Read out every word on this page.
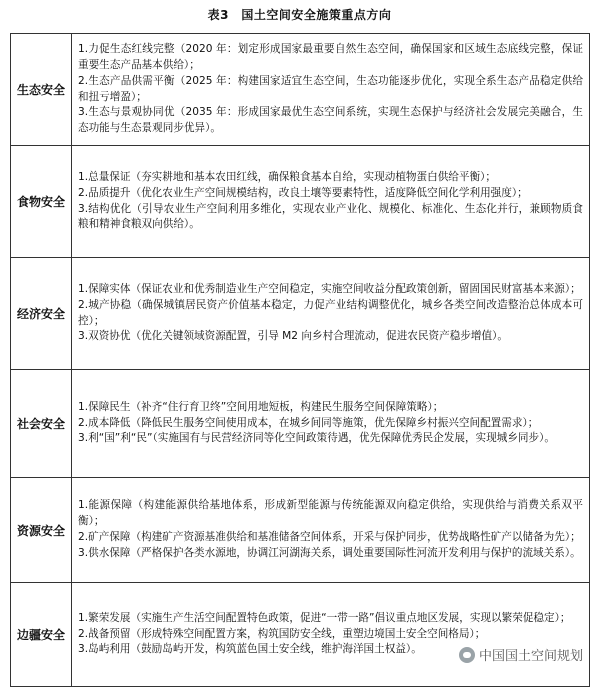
表3　国土空间安全施策重点方向
生态安全	1.力促生态红线完整（2020 年：划定形成国家最重要自然生态空间，确保国家和区域生态底线完整，保证重要生态产品基本供给）；
2.生态产品供需平衡（2025 年：构建国家适宜生态空间，生态功能逐步优化，实现全系生态产品稳定供给和扭亏增盈）；
3.生态与景观协同优（2035 年：形成国家最优生态空间系统，实现生态保护与经济社会发展完美融合，生态功能与生态景观同步优异）。

食物安全	1.总量保证（夯实耕地和基本农田红线，确保粮食基本自给，实现动植物蛋白供给平衡）；
2.品质提升（优化农业生产空间规模结构，改良土壤等要素特性，适度降低空间化学利用强度）；
3.结构优化（引导农业生产空间利用多维化，实现农业产业化、规模化、标准化、生态化并行，兼顾物质食粮和精神食粮双向供给）。

经济安全	1.保障实体（保证农业和优秀制造业生产空间稳定，实施空间收益分配政策创新，留固国民财富基本来源）；
2.城产协稳（确保城镇居民资产价值基本稳定，力促产业结构调整优化，城乡各类空间改造整治总体成本可控）；
3.双资协优（优化关键领域资源配置，引导 M2 向乡村合理流动，促进农民资产稳步增值）。

社会安全	1.保障民生（补齐“住行育卫终”空间用地短板，构建民生服务空间保障策略）；
2.成本降低（降低民生服务空间使用成本，在城乡间同等施策，优先保障乡村振兴空间配置需求）；
3.利“国”利“民”（实施国有与民营经济同等化空间政策待遇，优先保障优秀民企发展，实现城乡同步）。

资源安全	1.能源保障（构建能源供给基地体系，形成新型能源与传统能源双向稳定供给，实现供给与消费关系双平衡）；
2.矿产保障（构建矿产资源基准供给和基准储备空间体系，开采与保护同步，优势战略性矿产以储备为先）；
3.供水保障（严格保护各类水源地，协调江河湖海关系，调处重要国际性河流开发利用与保护的流域关系）。

边疆安全	1.繁荣发展（实施生产生活空间配置特色政策，促进“一带一路”倡议重点地区发展，实现以繁荣促稳定）；
2.战备预留（形成特殊空间配置方案，构筑国防安全线，重塑边境国土安全空间格局）；
3.岛屿利用（鼓励岛屿开发，构筑蓝色国土安全线，维护海洋国土权益）。	中国国土空间规划
